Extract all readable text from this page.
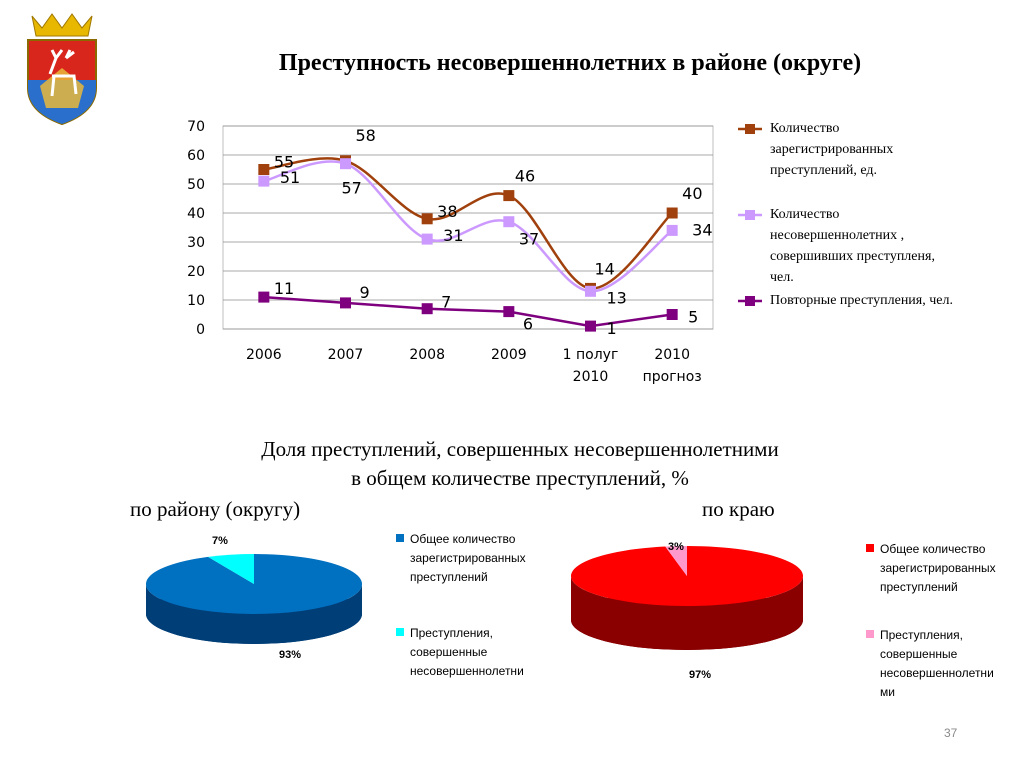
Преступность несовершеннолетних в районе (округе)
0
10
20
30
40
50
60
70
2006	2007	2008	2009	1 полуг 2010
2010 прогноз
55
58
38
46
14
40
51
57
31	37
13
34
11	9
7
6	1
5
Количество зарегистрированных преступлений, ед.
Количество несовершеннолетних , совершивших преступленя, чел.
Повторные преступления, чел.
Доля преступлений, совершенных несовершеннолетними
в общем количестве преступлений, %
по району (округу)	по краю
7%
93%
Общее количество зарегистрированных преступлений
Преступления, совершенные несовершеннолетни
3%
97%
Общее количество зарегистрированных преступлений
Преступления, совершенные несовершеннолетни ми
37
